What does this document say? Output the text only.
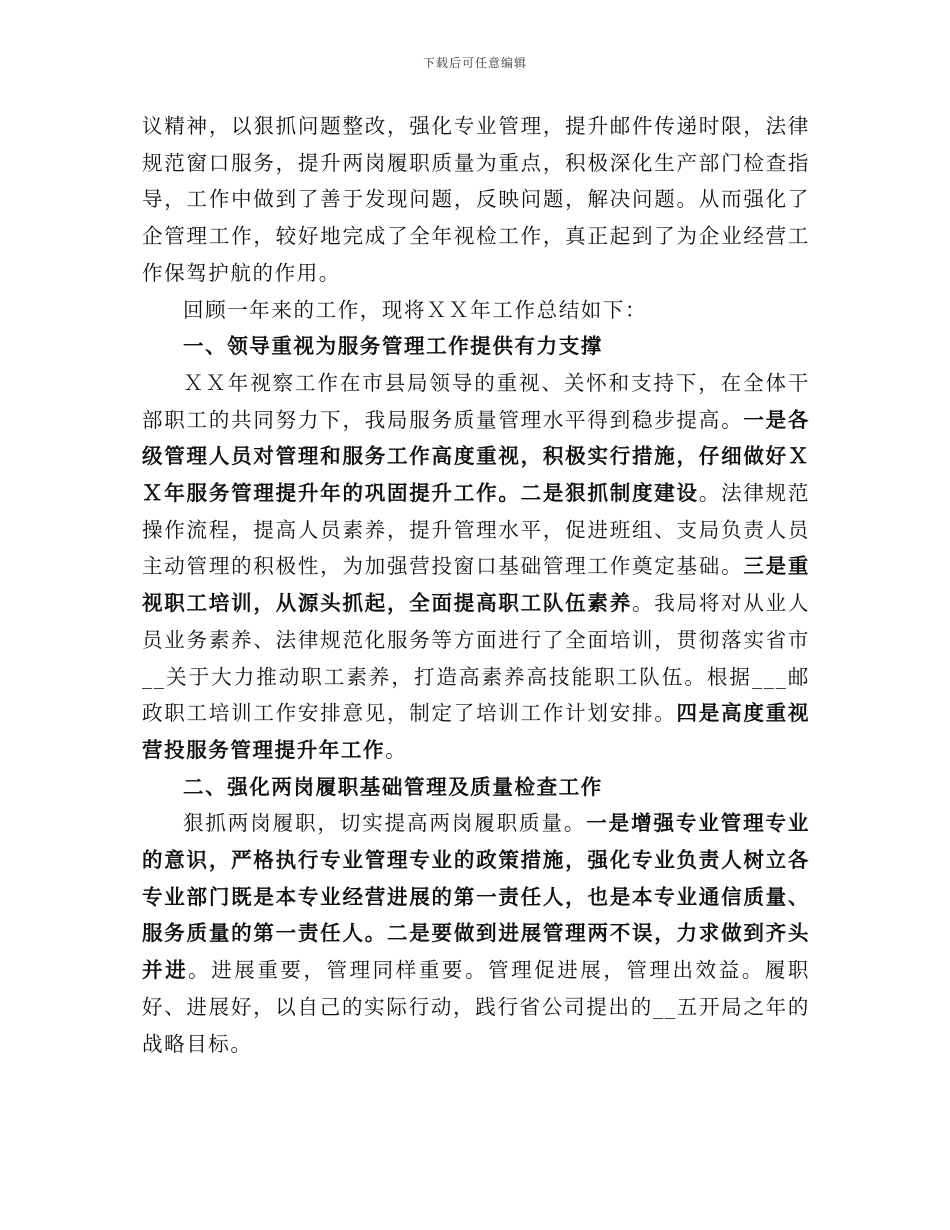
下载后可任意编辑

议精神，以狠抓问题整改，强化专业管理，提升邮件传递时限，法律规范窗口服务，提升两岗履职质量为重点，积极深化生产部门检查指导，工作中做到了善于发现问题，反映问题，解决问题。从而强化了企管理工作，较好地完成了全年视检工作，真正起到了为企业经营工作保驾护航的作用。

回顾一年来的工作，现将ＸＸ年工作总结如下：

一、领导重视为服务管理工作提供有力支撑

ＸＸ年视察工作在市县局领导的重视、关怀和支持下，在全体干部职工的共同努力下，我局服务质量管理水平得到稳步提高。一是各级管理人员对管理和服务工作高度重视，积极实行措施，仔细做好ＸＸ年服务管理提升年的巩固提升工作。二是狠抓制度建设。法律规范操作流程，提高人员素养，提升管理水平，促进班组、支局负责人员主动管理的积极性，为加强营投窗口基础管理工作奠定基础。三是重视职工培训，从源头抓起，全面提高职工队伍素养。我局将对从业人员业务素养、法律规范化服务等方面进行了全面培训，贯彻落实省市__关于大力推动职工素养，打造高素养高技能职工队伍。根据___邮政职工培训工作安排意见，制定了培训工作计划安排。四是高度重视营投服务管理提升年工作。

二、强化两岗履职基础管理及质量检查工作

狠抓两岗履职，切实提高两岗履职质量。一是增强专业管理专业的意识，严格执行专业管理专业的政策措施，强化专业负责人树立各专业部门既是本专业经营进展的第一责任人，也是本专业通信质量、服务质量的第一责任人。二是要做到进展管理两不误，力求做到齐头并进。进展重要，管理同样重要。管理促进展，管理出效益。履职好、进展好，以自己的实际行动，践行省公司提出的__五开局之年的战略目标。
